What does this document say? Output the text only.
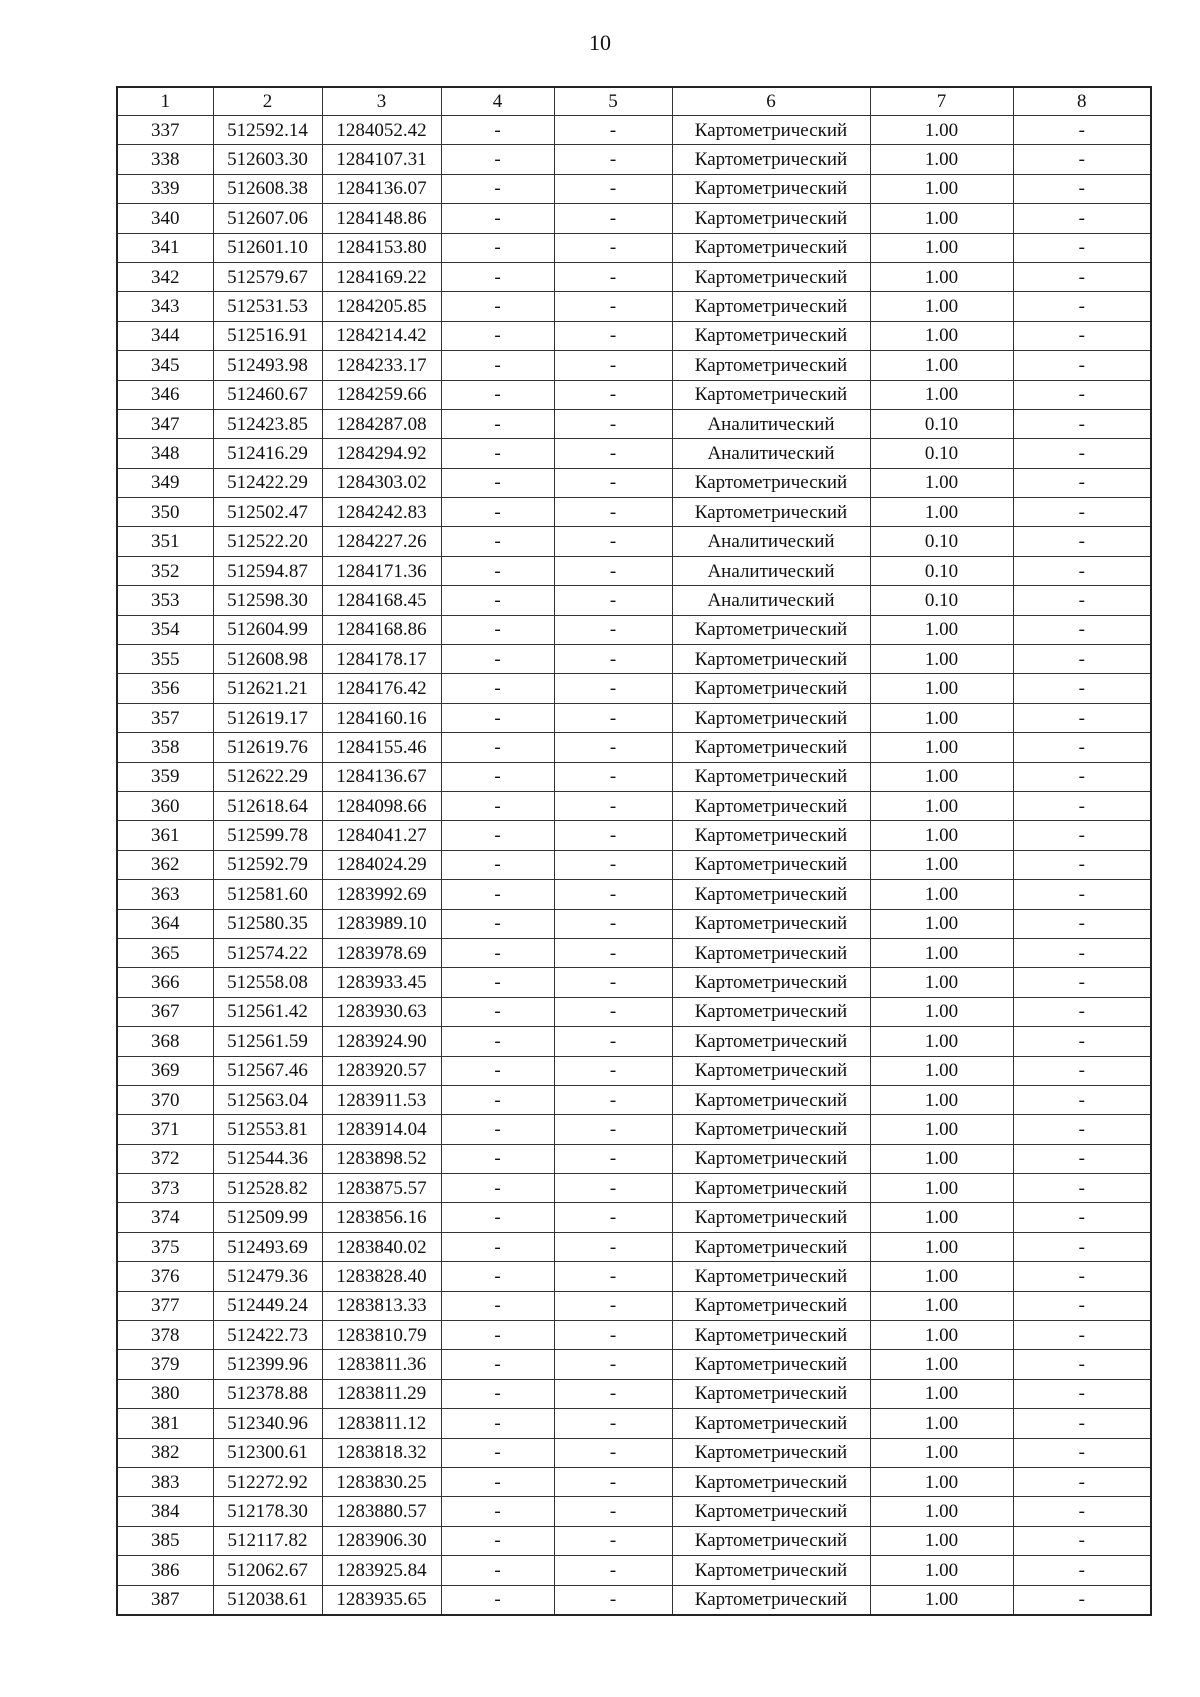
10
1	2	3	4	5	6	7	8
337	512592.14	1284052.42	-	-	Картометрический	1.00	-
338	512603.30	1284107.31	-	-	Картометрический	1.00	-
339	512608.38	1284136.07	-	-	Картометрический	1.00	-
340	512607.06	1284148.86	-	-	Картометрический	1.00	-
341	512601.10	1284153.80	-	-	Картометрический	1.00	-
342	512579.67	1284169.22	-	-	Картометрический	1.00	-
343	512531.53	1284205.85	-	-	Картометрический	1.00	-
344	512516.91	1284214.42	-	-	Картометрический	1.00	-
345	512493.98	1284233.17	-	-	Картометрический	1.00	-
346	512460.67	1284259.66	-	-	Картометрический	1.00	-
347	512423.85	1284287.08	-	-	Аналитический	0.10	-
348	512416.29	1284294.92	-	-	Аналитический	0.10	-
349	512422.29	1284303.02	-	-	Картометрический	1.00	-
350	512502.47	1284242.83	-	-	Картометрический	1.00	-
351	512522.20	1284227.26	-	-	Аналитический	0.10	-
352	512594.87	1284171.36	-	-	Аналитический	0.10	-
353	512598.30	1284168.45	-	-	Аналитический	0.10	-
354	512604.99	1284168.86	-	-	Картометрический	1.00	-
355	512608.98	1284178.17	-	-	Картометрический	1.00	-
356	512621.21	1284176.42	-	-	Картометрический	1.00	-
357	512619.17	1284160.16	-	-	Картометрический	1.00	-
358	512619.76	1284155.46	-	-	Картометрический	1.00	-
359	512622.29	1284136.67	-	-	Картометрический	1.00	-
360	512618.64	1284098.66	-	-	Картометрический	1.00	-
361	512599.78	1284041.27	-	-	Картометрический	1.00	-
362	512592.79	1284024.29	-	-	Картометрический	1.00	-
363	512581.60	1283992.69	-	-	Картометрический	1.00	-
364	512580.35	1283989.10	-	-	Картометрический	1.00	-
365	512574.22	1283978.69	-	-	Картометрический	1.00	-
366	512558.08	1283933.45	-	-	Картометрический	1.00	-
367	512561.42	1283930.63	-	-	Картометрический	1.00	-
368	512561.59	1283924.90	-	-	Картометрический	1.00	-
369	512567.46	1283920.57	-	-	Картометрический	1.00	-
370	512563.04	1283911.53	-	-	Картометрический	1.00	-
371	512553.81	1283914.04	-	-	Картометрический	1.00	-
372	512544.36	1283898.52	-	-	Картометрический	1.00	-
373	512528.82	1283875.57	-	-	Картометрический	1.00	-
374	512509.99	1283856.16	-	-	Картометрический	1.00	-
375	512493.69	1283840.02	-	-	Картометрический	1.00	-
376	512479.36	1283828.40	-	-	Картометрический	1.00	-
377	512449.24	1283813.33	-	-	Картометрический	1.00	-
378	512422.73	1283810.79	-	-	Картометрический	1.00	-
379	512399.96	1283811.36	-	-	Картометрический	1.00	-
380	512378.88	1283811.29	-	-	Картометрический	1.00	-
381	512340.96	1283811.12	-	-	Картометрический	1.00	-
382	512300.61	1283818.32	-	-	Картометрический	1.00	-
383	512272.92	1283830.25	-	-	Картометрический	1.00	-
384	512178.30	1283880.57	-	-	Картометрический	1.00	-
385	512117.82	1283906.30	-	-	Картометрический	1.00	-
386	512062.67	1283925.84	-	-	Картометрический	1.00	-
387	512038.61	1283935.65	-	-	Картометрический	1.00	-
